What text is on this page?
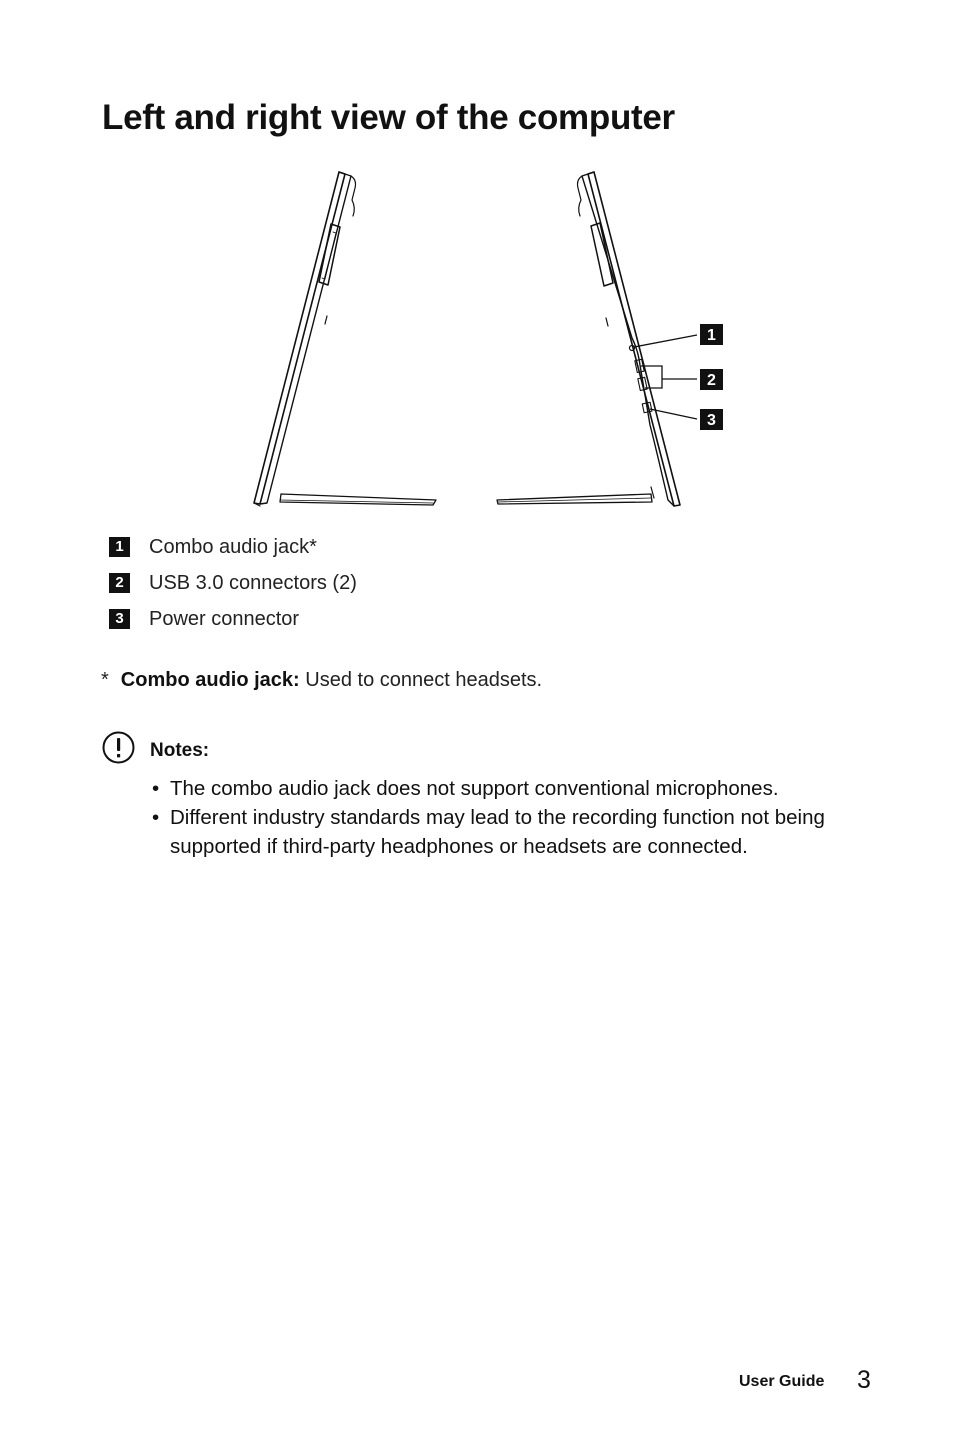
Left and right view of the computer
1
2
3
1	Combo audio jack*
2	USB 3.0 connectors (2)
3	Power connector
* Combo audio jack: Used to connect headsets.
Notes:
• The combo audio jack does not support conventional microphones.
• Different industry standards may lead to the recording function not being supported if third-party headphones or headsets are connected.
User Guide 3
